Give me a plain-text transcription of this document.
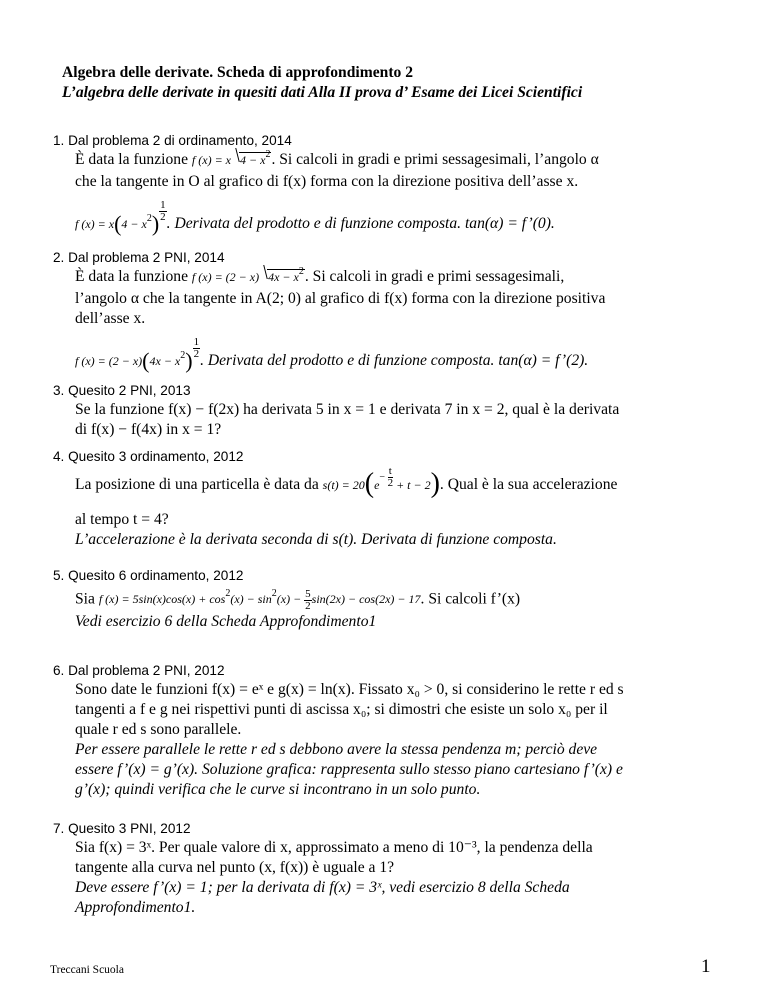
Algebra delle derivate. Scheda di approfondimento 2
L’algebra delle derivate in quesiti dati Alla II prova d’ Esame dei Licei Scientifici
1. Dal problema 2 di ordinamento, 2014
È data la funzione f (x) = x $4 - x^2$. Si calcoli in gradi e primi sessagesimali, l’angolo α
che la tangente in O al grafico di f(x) forma con la direzione positiva dell’asse x.
f $(x) = x(4 - x^2) \frac{1}{2}$
. Derivata del prodotto e di funzione composta. tan(α) = f’(0).
2. Dal problema 2 PNI, 2014
È data la funzione f (x) = (2 − x) $4x - x^2$. Si calcoli in gradi e primi sessagesimali,
l’angolo α che la tangente in A(2; 0) al grafico di f(x) forma con la direzione positiva
dell’asse x.
f $(x) = (2 - x)(4x - x^2) \frac{1}{2}$
. Derivata del prodotto e di funzione composta. tan(α) = f’(2).
3. Quesito 2 PNI, 2013
Se la funzione f(x) − f(2x) ha derivata 5 in x = 1 e derivata 7 in x = 2, qual è la derivata
di f(x) − f(4x) in x = 1?
4. Quesito 3 ordinamento, 2012
La posizione di una particella è data da $s(t) = 20(e^{- \frac{t}{2}} + t - 2)$. Qual è la sua accelerazione
al tempo t = 4?
L’accelerazione è la derivata seconda di s(t). Derivata di funzione composta.
5. Quesito 6 ordinamento, 2012
Sia f $(x) = 5\sin(x)\cos(x) + \cos^2(x) - \sin^2(x) - \frac{5}{2} \sin(2x) - \cos(2x) - 17$. Si calcoli f’(x)
Vedi esercizio 6 della Scheda Approfondimento1
6. Dal problema 2 PNI, 2012
Sono date le funzioni f(x) = eˣ e g(x) = ln(x). Fissato x₀ > 0, si considerino le rette r ed s
tangenti a f e g nei rispettivi punti di ascissa x₀; si dimostri che esiste un solo x₀ per il
quale r ed s sono parallele.
Per essere parallele le rette r ed s debbono avere la stessa pendenza m; perciò deve
essere f’(x) = g’(x). Soluzione grafica: rappresenta sullo stesso piano cartesiano f’(x) e
g’(x); quindi verifica che le curve si incontrano in un solo punto.
7. Quesito 3 PNI, 2012
Sia f(x) = 3ˣ. Per quale valore di x, approssimato a meno di 10⁻³, la pendenza della
tangente alla curva nel punto (x, f(x)) è uguale a 1?
Deve essere f’(x) = 1; per la derivata di f(x) = 3ˣ, vedi esercizio 8 della Scheda
Approfondimento1.
Treccani Scuola	1
